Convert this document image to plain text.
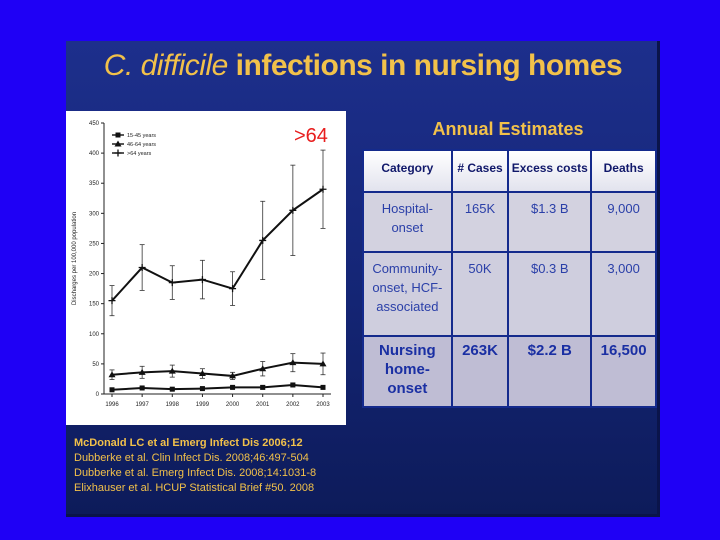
C. difficile infections in nursing homes
0
50
100
150
200
250
300
350
400
450
1996	1997	1998	1999	2000	2001	2002	2003
Discharges per 100,000 population
15-45 years
46-64 years
>64 years
>64	Annual Estimates
Category	# Cases	Excess costs	Deaths
Hospital-
onset	165K	$1.3 B	9,000
Community-
onset, HCF-
associated	50K	$0.3 B	3,000
Nursing
home-
onset	263K	$2.2 B	16,500
McDonald LC et al Emerg Infect Dis 2006;12
Dubberke et al. Clin Infect Dis. 2008;46:497-504
Dubberke et al. Emerg Infect Dis. 2008;14:1031-8
Elixhauser et al. HCUP Statistical Brief #50. 2008
